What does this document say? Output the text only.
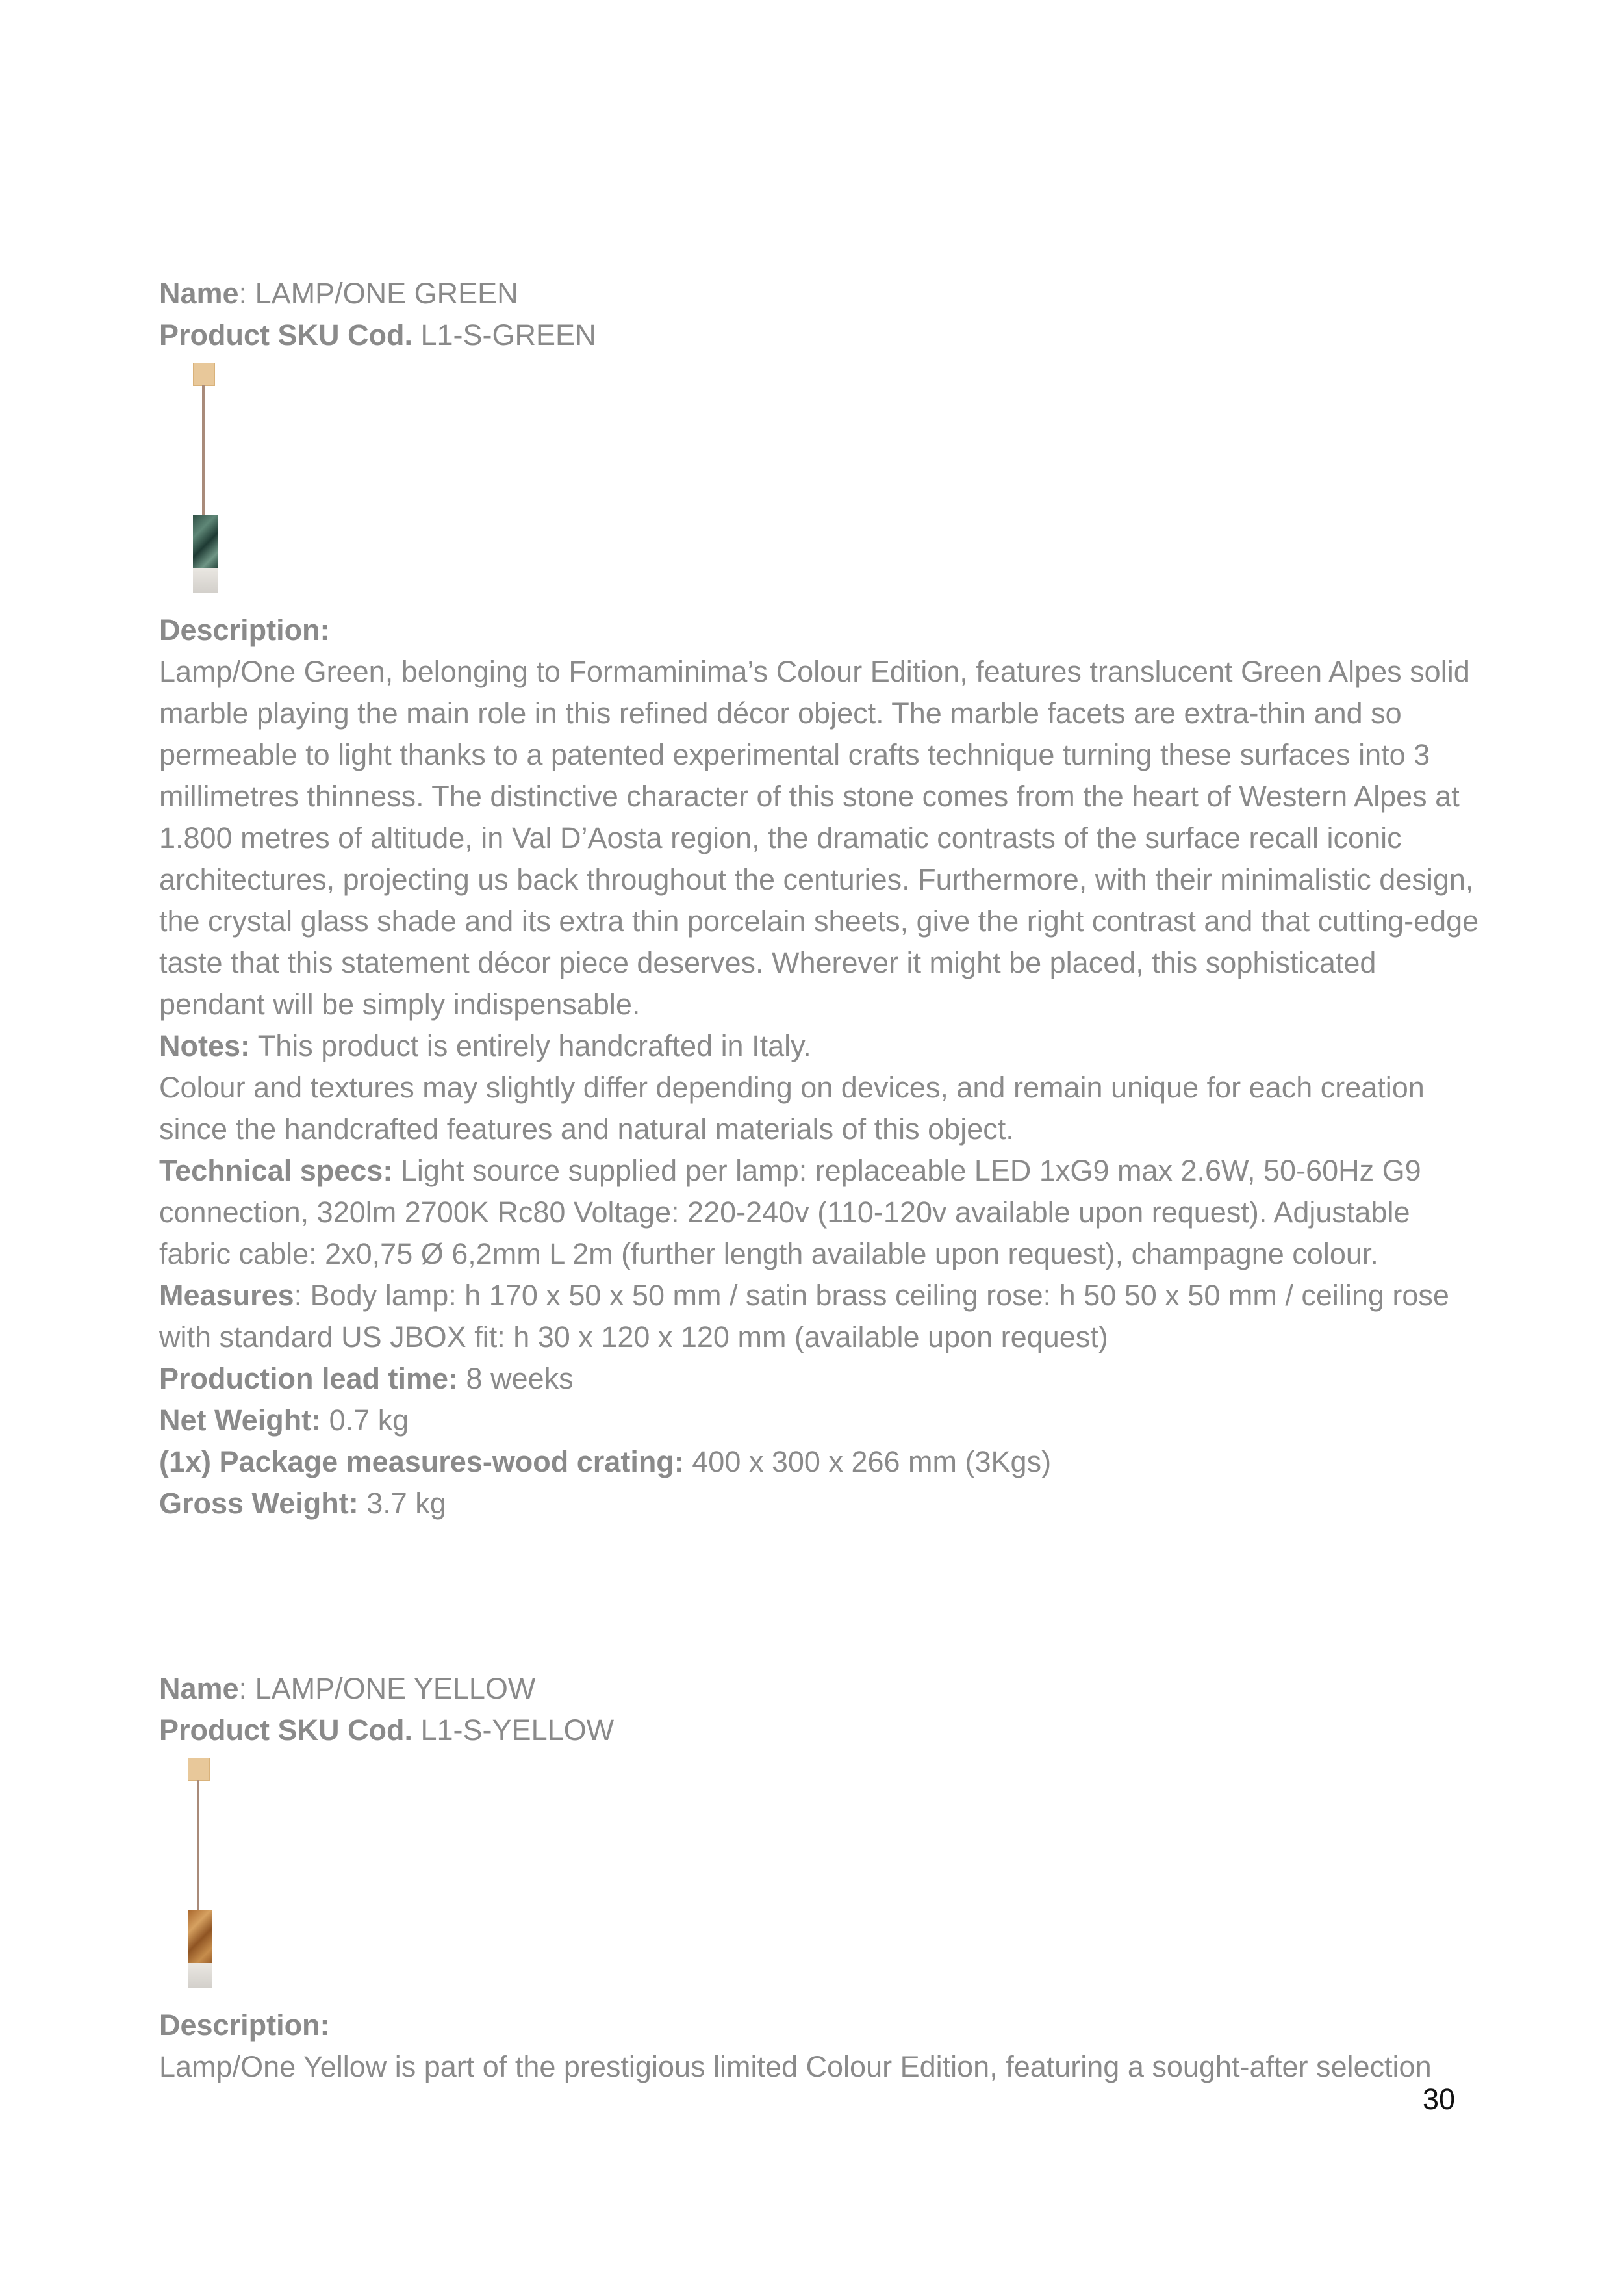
Name: LAMP/ONE GREEN
Product SKU Cod. L1-S-GREEN
Description:
Lamp/One Green, belonging to Formaminima’s Colour Edition, features translucent Green Alpes solid marble playing the main role in this refined décor object. The marble facets are extra-thin and so permeable to light thanks to a patented experimental crafts technique turning these surfaces into 3 millimetres thinness. The distinctive character of this stone comes from the heart of Western Alpes at 1.800 metres of altitude, in Val D’Aosta region, the dramatic contrasts of the surface recall iconic architectures, projecting us back throughout the centuries. Furthermore, with their minimalistic design, the crystal glass shade and its extra thin porcelain sheets, give the right contrast and that cutting-edge taste that this statement décor piece deserves. Wherever it might be placed, this sophisticated pendant will be simply indispensable.
Notes: This product is entirely handcrafted in Italy.
Colour and textures may slightly differ depending on devices, and remain unique for each creation since the handcrafted features and natural materials of this object.
Technical specs: Light source supplied per lamp: replaceable LED 1xG9 max 2.6W, 50-60Hz G9 connection, 320lm 2700K Rc80 Voltage: 220-240v (110-120v available upon request). Adjustable fabric cable: 2x0,75 Ø 6,2mm L 2m (further length available upon request), champagne colour.
Measures: Body lamp: h 170 x 50 x 50 mm / satin brass ceiling rose: h 50 50 x 50 mm / ceiling rose with standard US JBOX fit: h 30 x 120 x 120 mm (available upon request)
Production lead time: 8 weeks
Net Weight: 0.7 kg
(1x) Package measures-wood crating: 400 x 300 x 266 mm (3Kgs)
Gross Weight: 3.7 kg
Name: LAMP/ONE YELLOW
Product SKU Cod. L1-S-YELLOW
Description:
Lamp/One Yellow is part of the prestigious limited Colour Edition, featuring a sought-after selection
30
